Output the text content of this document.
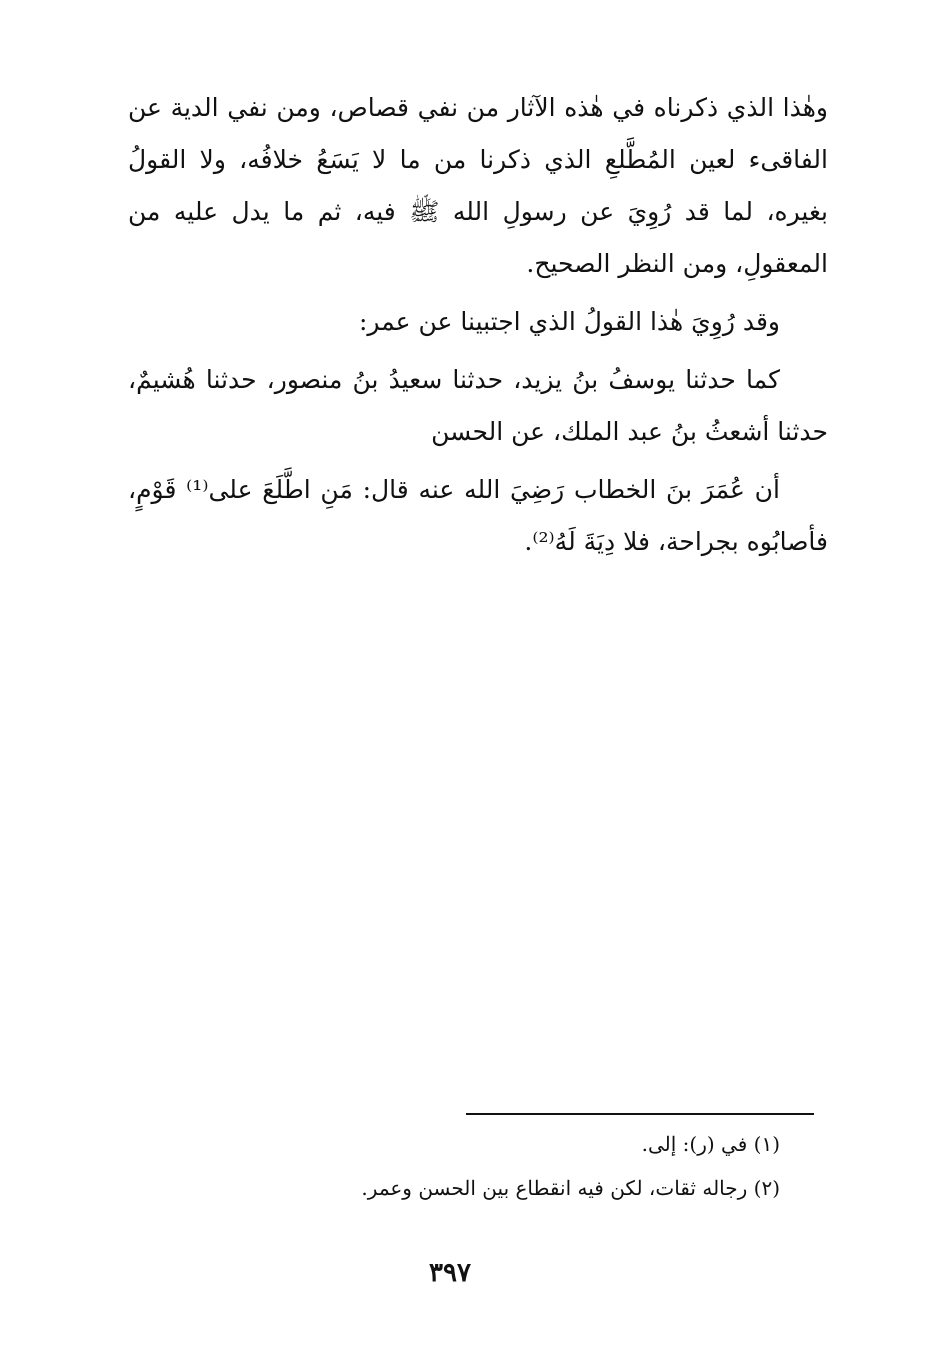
وهٰذا الذي ذكرناه في هٰذه الآثار من نفي قصاص، ومن نفي الدية عن الفاقىء لعين المُطَّلعِ الذي ذكرنا من ما لا يَسَعُ خلافُه، ولا القولُ بغيره، لما قد رُوِيَ عن رسولِ الله ﷺ فيه، ثم ما يدل عليه من المعقولِ، ومن النظر الصحيح.

وقد رُوِيَ هٰذا القولُ الذي اجتبينا عن عمر:

كما حدثنا يوسفُ بنُ يزيد، حدثنا سعيدُ بنُ منصور، حدثنا هُشيمٌ، حدثنا أشعثُ بنُ عبد الملك، عن الحسن

أن عُمَرَ بنَ الخطاب رَضِيَ الله عنه قال: مَنِ اطَّلَعَ على⁽¹⁾ قَوْمٍ، فأصابُوه بجراحة، فلا دِيَةَ لَهُ⁽²⁾.

(١) في (ر): إلى.

(٢) رجاله ثقات، لكن فيه انقطاع بين الحسن وعمر.

٣٩٧
